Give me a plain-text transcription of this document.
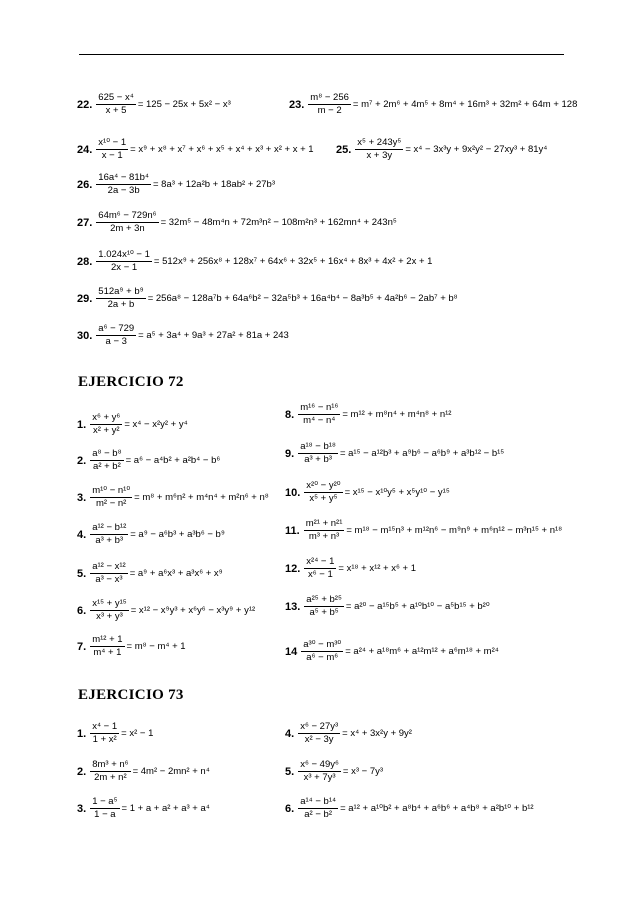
22. $\frac{\text{625 − x⁴}}{x + 5} = 125 - 25x + 5x^2 - x^3$	23. $\frac{\text{m⁸ − 256}}{m - 2} = m^7 + 2m^6 + 4m^5 + 8m^4 + 16m^3 + 32m^2 + 64m + 128$
24. $\frac{\text{x¹⁰ − 1}}{x - 1} = x^9 + x^8 + x^7 + x^6 + x^5 + x^4 + x^3 + x^2 + x + 1$ 25. $\frac{\text{x⁵ + 243y⁵}}{x + 3y} = x^4 - 3x^3y + 9x^2y^2 - 27xy^3 + 81y^4$
26. $\frac{\text{16a⁴ − 81b⁴}}{2a - 3b} = 8a^3 + 12a^2b + 18ab^2 + 27b^3$
27. $\frac{\text{64m⁶ − 729n⁶}}{2m + 3n} = 32m^5 - 48m^4n + 72m^3n^2 - 108m^2n^3 + 162mn^4 + 243n^5$
28. $\frac{\text{1.024x¹⁰ − 1}}{2x - 1} = 512x^9 + 256x^8 + 128x^7 + 64x^6 + 32x^5 + 16x^4 + 8x^3 + 4x^2 + 2x + 1$
29. $\frac{\text{512a⁹ + b⁹}}{2a + b} = 256a^8 - 128a^7b + 64a^6b^2 - 32a^5b^3 + 16a^4b^4 - 8a^3b^5 + 4a^2b^6 - 2ab^7 + b^8$
30. $\frac{\text{a⁶ − 729}}{a - 3} = a^5 + 3a^4 + 9a^3 + 27a^2 + 81a + 243$
EJERCICIO 72
1. $\frac{\text{x⁶ + y⁶}}{\text{x² + y²}} = x^4 - x^2y^2 + y^4$
2. $\frac{\text{a⁸ − b⁸}}{\text{a² + b²}} = a^6 - a^4b^2 + a^2b^4 - b^6$
3. $\frac{\text{m¹⁰ − n¹⁰}}{\text{m² − n²}} = m^8 + m^6n^2 + m^4n^4 + m^2n^6 + n^8$
4. $\frac{\text{a¹² − b¹²}}{\text{a³ + b³}} = a^9 - a^6b^3 + a^3b^6 - b^9$
5. $\frac{\text{a¹² − x¹²}}{\text{a³ − x³}} = a^9 + a^6x^3 + a^3x^6 + x^9$
6. $\frac{\text{x¹⁵ + y¹⁵}}{\text{x³ + y³}} = x^{12} - x^9y^3 + x^6y^6 - x^3y^9 + y^{12}$
7. $\frac{\text{m¹² + 1}}{\text{m⁴ + 1}} = m^8 - m^4 + 1$
8. $\frac{\text{m¹⁶ − n¹⁶}}{\text{m⁴ − n⁴}} = m^{12} + m^8n^4 + m^4n^8 + n^{12}$
9. $\frac{\text{a¹⁸ − b¹⁸}}{\text{a³ + b³}} = a^{15} - a^{12}b^3 + a^9b^6 - a^6b^9 + a^3b^{12} - b^{15}$
10. $\frac{\text{x²⁰ − y²⁰}}{\text{x⁵ + y⁵}} = x^{15} - x^{10}y^5 + x^5y^{10} - y^{15}$
11. $\frac{\text{m²¹ + n²¹}}{\text{m³ + n³}} = m^{18} - m^{15}n^3 + m^{12}n^6 - m^9n^9 + m^6n^{12} - m^3n^{15} + n^{18}$
12. $\frac{\text{x²⁴ − 1}}{\text{x⁶ − 1}} = x^{18} + x^{12} + x^6 + 1$
13. $\frac{\text{a²⁵ + b²⁵}}{\text{a⁵ + b⁵}} = a^{20} - a^{15}b^5 + a^{10}b^{10} - a^5b^{15} + b^{20}$
$14 \frac{\text{a³⁰ − m³⁰}}{\text{a⁶ − m⁶}} = a^{24} + a^{18}m^6 + a^{12}m^{12} + a^6m^{18} + m^{24}$
EJERCICIO 73
1. $\frac{\text{x⁴ − 1}}{\text{1 + x²}} = x^2 - 1$
2. $\frac{\text{8m³ + n⁶}}{\text{2m + n²}} = 4m^2 - 2mn^2 + n^4$
3. $\frac{\text{1 − a⁵}}{1 - a} = 1 + a + a^2 + a^3 + a^4$
4. $\frac{\text{x⁶ − 27y³}}{\text{x² − 3y}} = x^4 + 3x^2y + 9y^2$
5. $\frac{\text{x⁶ − 49y⁶}}{\text{x³ + 7y³}} = x^3 - 7y^3$
6. $\frac{\text{a¹⁴ − b¹⁴}}{\text{a² − b²}} = a^{12} + a^{10}b^2 + a^8b^4 + a^6b^6 + a^4b^8 + a^2b^{10} + b^{12}$
